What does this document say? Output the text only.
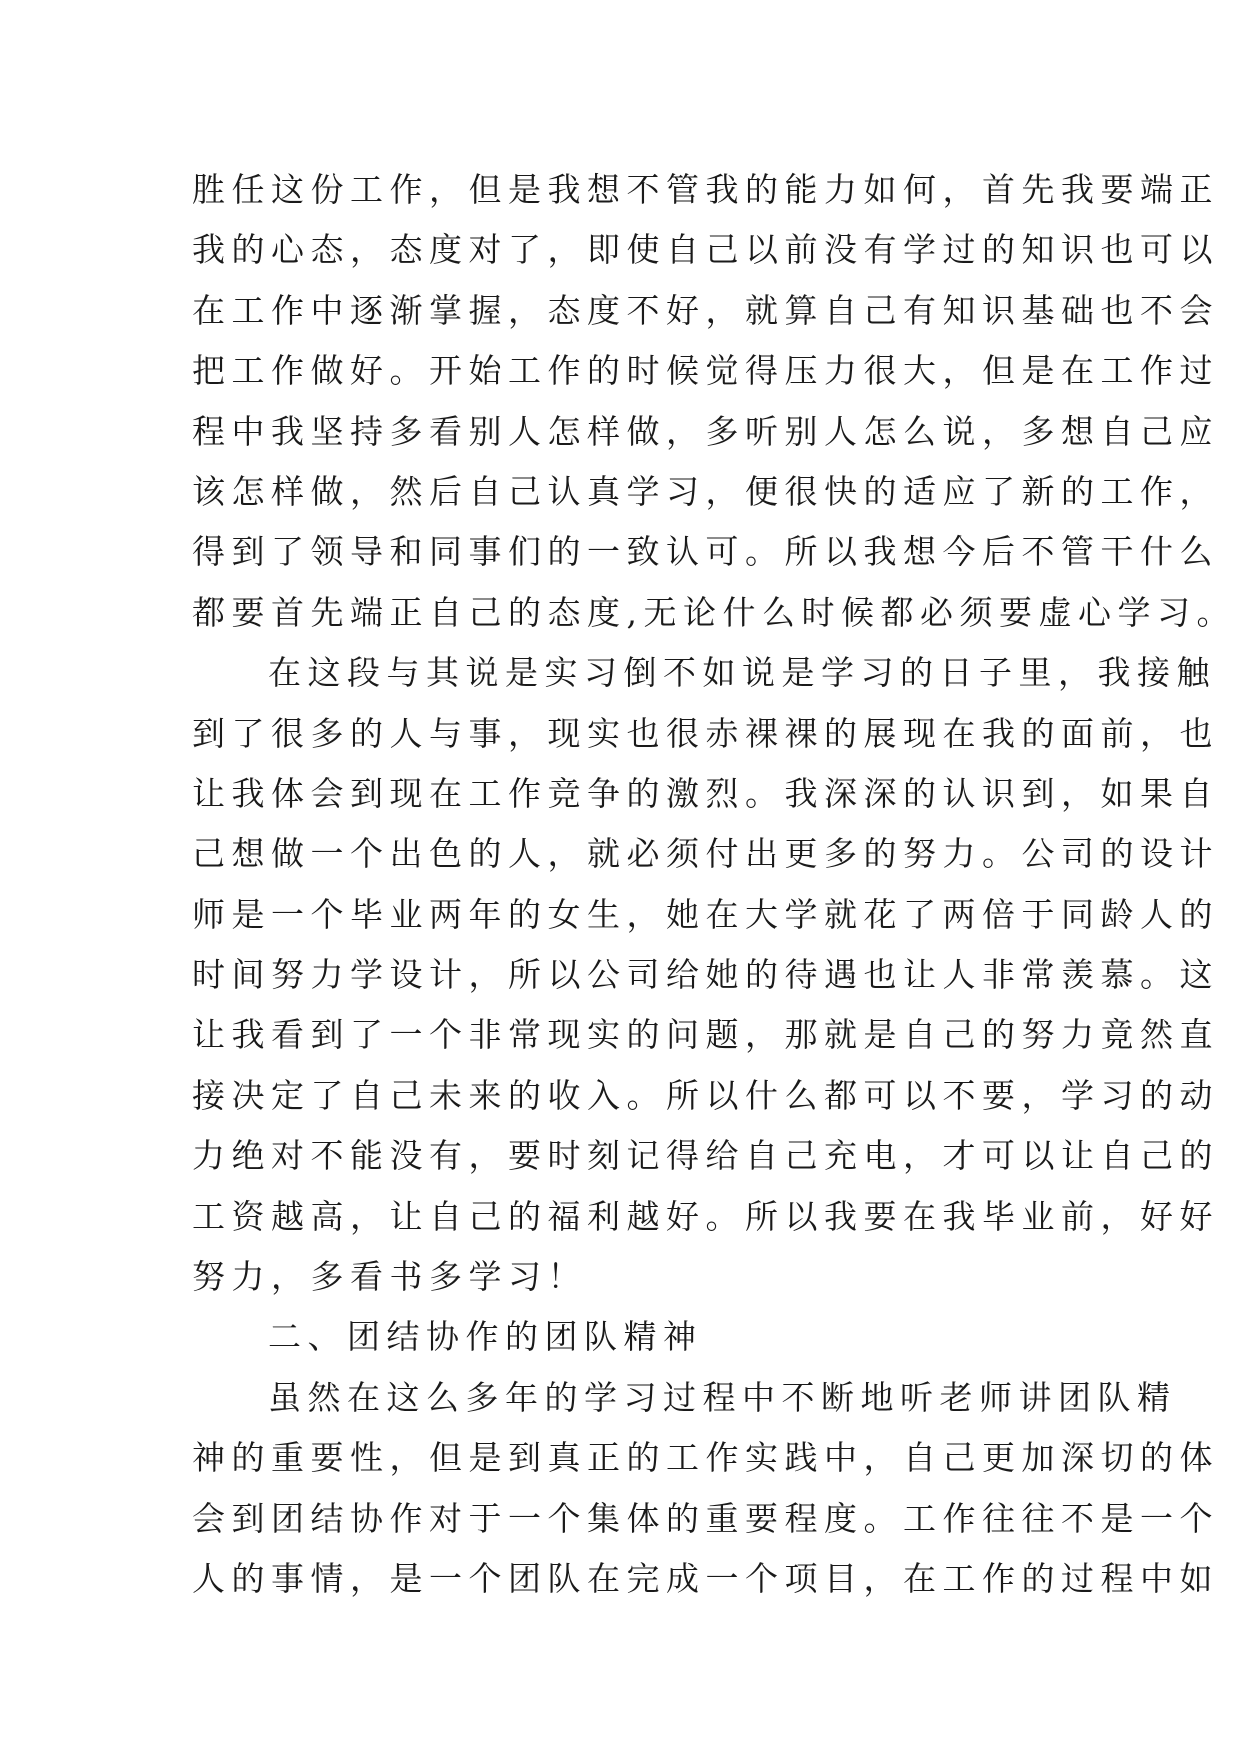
胜任这份工作，但是我想不管我的能力如何，首先我要端正
我的心态，态度对了，即使自己以前没有学过的知识也可以
在工作中逐渐掌握，态度不好，就算自己有知识基础也不会
把工作做好。开始工作的时候觉得压力很大，但是在工作过
程中我坚持多看别人怎样做，多听别人怎么说，多想自己应
该怎样做，然后自己认真学习，便很快的适应了新的工作，
得到了领导和同事们的一致认可。所以我想今后不管干什么
都要首先端正自己的态度,无论什么时候都必须要虚心学习。
在这段与其说是实习倒不如说是学习的日子里，我接触
到了很多的人与事，现实也很赤裸裸的展现在我的面前，也
让我体会到现在工作竞争的激烈。我深深的认识到，如果自
己想做一个出色的人，就必须付出更多的努力。公司的设计
师是一个毕业两年的女生，她在大学就花了两倍于同龄人的
时间努力学设计，所以公司给她的待遇也让人非常羡慕。这
让我看到了一个非常现实的问题，那就是自己的努力竟然直
接决定了自己未来的收入。所以什么都可以不要，学习的动
力绝对不能没有，要时刻记得给自己充电，才可以让自己的
工资越高，让自己的福利越好。所以我要在我毕业前，好好
努力，多看书多学习！
二、团结协作的团队精神
虽然在这么多年的学习过程中不断地听老师讲团队精
神的重要性，但是到真正的工作实践中，自己更加深切的体
会到团结协作对于一个集体的重要程度。工作往往不是一个
人的事情，是一个团队在完成一个项目，在工作的过程中如
